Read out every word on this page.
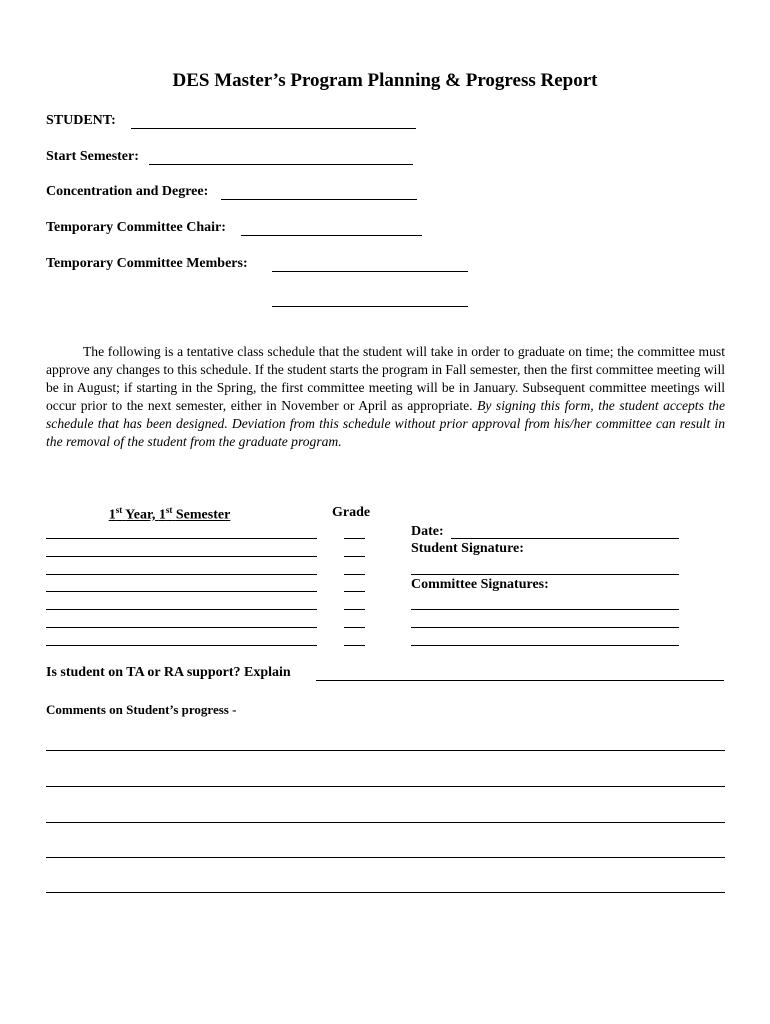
DES Master’s Program Planning & Progress Report
STUDENT:
Start Semester:
Concentration and Degree:
Temporary Committee Chair:
Temporary Committee Members:
The following is a tentative class schedule that the student will take in order to graduate on time; the committee must approve any changes to this schedule. If the student starts the program in Fall semester, then the first committee meeting will be in August; if starting in the Spring, the first committee meeting will be in January. Subsequent committee meetings will occur prior to the next semester, either in November or April as appropriate. By signing this form, the student accepts the schedule that has been designed. Deviation from this schedule without prior approval from his/her committee can result in the removal of the student from the graduate program.
1st Year, 1st Semester	Grade
Date:
Student Signature:
Committee Signatures:
Is student on TA or RA support? Explain
Comments on Student’s progress -
